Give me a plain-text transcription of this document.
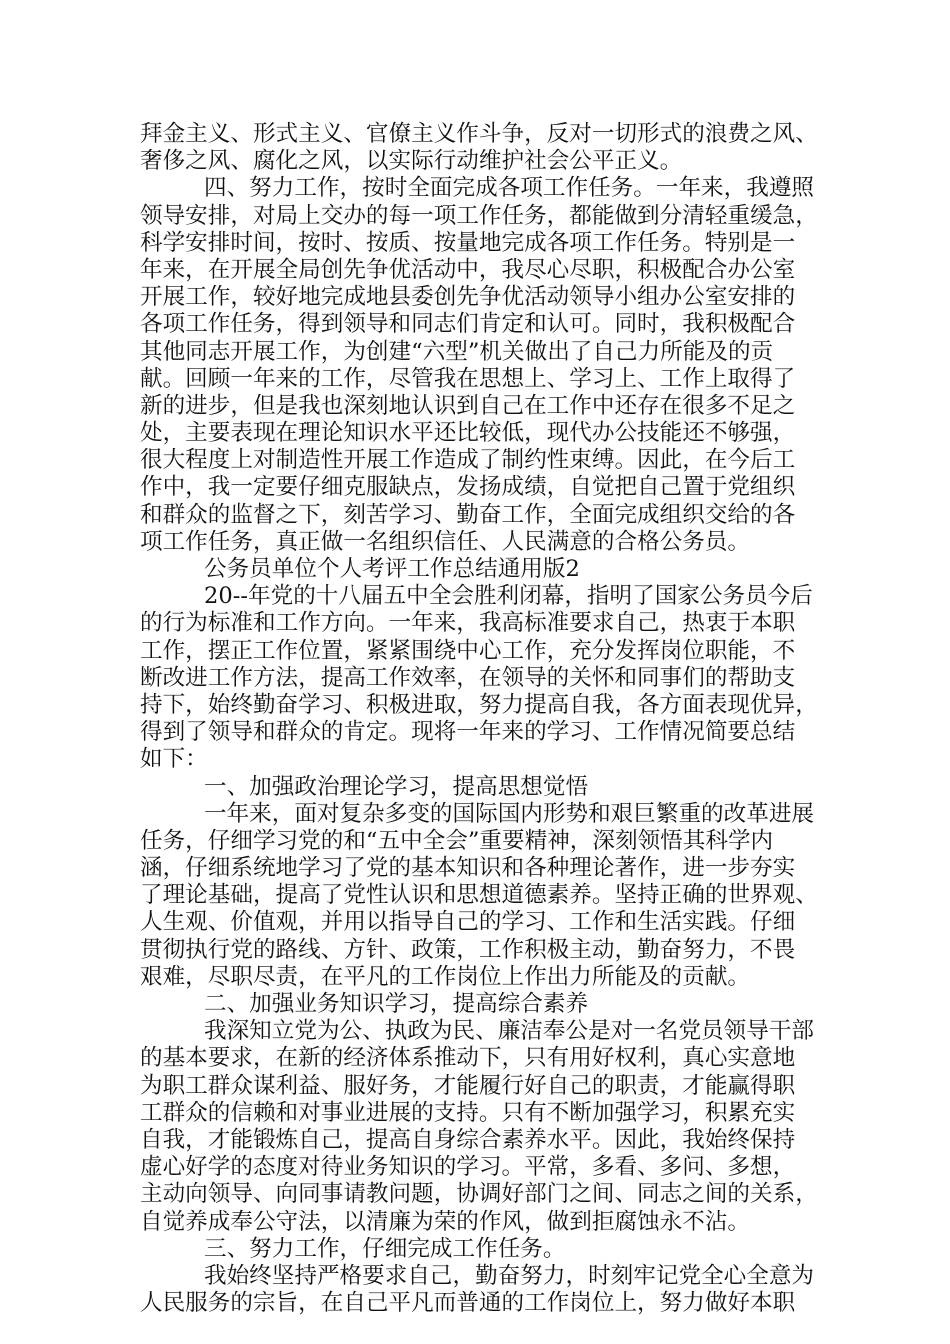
拜金主义、形式主义、官僚主义作斗争，反对一切形式的浪费之风、
奢侈之风、腐化之风，以实际行动维护社会公平正义。
四、努力工作，按时全面完成各项工作任务。一年来，我遵照
领导安排，对局上交办的每一项工作任务，都能做到分清轻重缓急，
科学安排时间，按时、按质、按量地完成各项工作任务。特别是一
年来，在开展全局创先争优活动中，我尽心尽职，积极配合办公室
开展工作，较好地完成地县委创先争优活动领导小组办公室安排的
各项工作任务，得到领导和同志们肯定和认可。同时，我积极配合
其他同志开展工作，为创建“六型”机关做出了自己力所能及的贡
献。回顾一年来的工作，尽管我在思想上、学习上、工作上取得了
新的进步，但是我也深刻地认识到自己在工作中还存在很多不足之
处，主要表现在理论知识水平还比较低，现代办公技能还不够强，
很大程度上对制造性开展工作造成了制约性束缚。因此，在今后工
作中，我一定要仔细克服缺点，发扬成绩，自觉把自己置于党组织
和群众的监督之下，刻苦学习、勤奋工作，全面完成组织交给的各
项工作任务，真正做一名组织信任、人民满意的合格公务员。
公务员单位个人考评工作总结通用版2
20--年党的十八届五中全会胜利闭幕，指明了国家公务员今后
的行为标准和工作方向。一年来，我高标准要求自己，热衷于本职
工作，摆正工作位置，紧紧围绕中心工作，充分发挥岗位职能，不
断改进工作方法，提高工作效率，在领导的关怀和同事们的帮助支
持下，始终勤奋学习、积极进取，努力提高自我，各方面表现优异，
得到了领导和群众的肯定。现将一年来的学习、工作情况简要总结
如下：
一、加强政治理论学习，提高思想觉悟
一年来，面对复杂多变的国际国内形势和艰巨繁重的改革进展
任务，仔细学习党的和“五中全会”重要精神，深刻领悟其科学内
涵，仔细系统地学习了党的基本知识和各种理论著作，进一步夯实
了理论基础，提高了党性认识和思想道德素养。坚持正确的世界观、
人生观、价值观，并用以指导自己的学习、工作和生活实践。仔细
贯彻执行党的路线、方针、政策，工作积极主动，勤奋努力，不畏
艰难，尽职尽责，在平凡的工作岗位上作出力所能及的贡献。
二、加强业务知识学习，提高综合素养
我深知立党为公、执政为民、廉洁奉公是对一名党员领导干部
的基本要求，在新的经济体系推动下，只有用好权利，真心实意地
为职工群众谋利益、服好务，才能履行好自己的职责，才能赢得职
工群众的信赖和对事业进展的支持。只有不断加强学习，积累充实
自我，才能锻炼自己，提高自身综合素养水平。因此，我始终保持
虚心好学的态度对待业务知识的学习。平常，多看、多问、多想，
主动向领导、向同事请教问题，协调好部门之间、同志之间的关系，
自觉养成奉公守法，以清廉为荣的作风，做到拒腐蚀永不沾。
三、努力工作，仔细完成工作任务。
我始终坚持严格要求自己，勤奋努力，时刻牢记党全心全意为
人民服务的宗旨，在自己平凡而普通的工作岗位上，努力做好本职
